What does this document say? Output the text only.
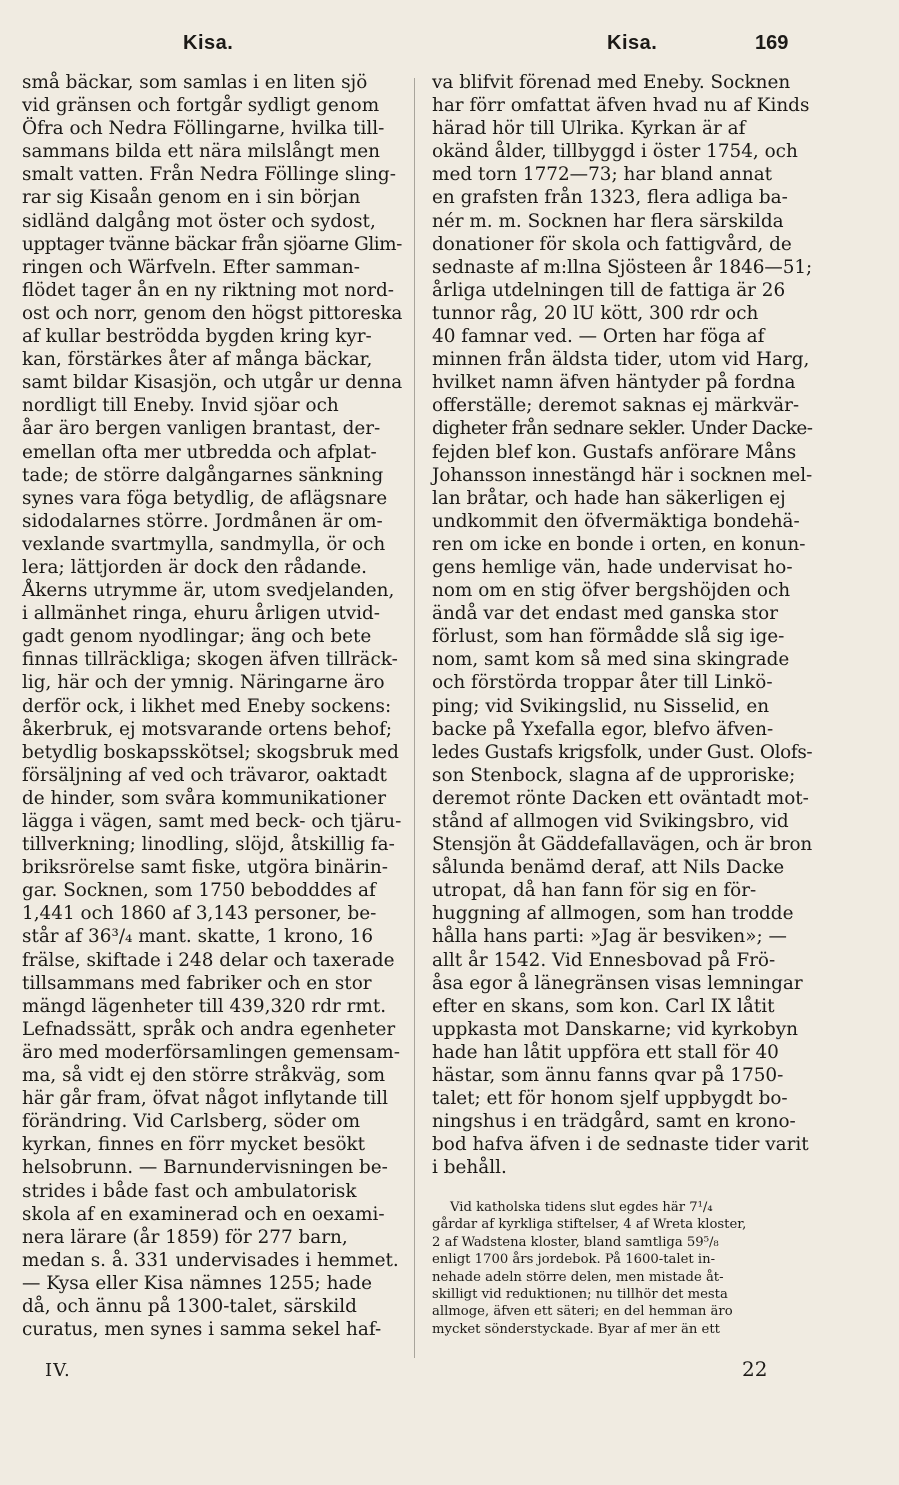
Kisa.	Kisa.	169
små bäckar, som samlas i en liten sjö
vid gränsen och fortgår sydligt genom
Öfra och Nedra Föllingarne, hvilka till-
sammans bilda ett nära milslångt men
smalt vatten. Från Nedra Föllinge sling-
rar sig Kisaån genom en i sin början
sidländ dalgång mot öster och sydost,
upptager tvänne bäckar från sjöarne Glim-
ringen och Wärfveln. Efter samman-
flödet tager ån en ny riktning mot nord-
ost och norr, genom den högst pittoreska
af kullar beströdda bygden kring kyr-
kan, förstärkes åter af många bäckar,
samt bildar Kisasjön, och utgår ur denna
nordligt till Eneby. Invid sjöar och
åar äro bergen vanligen brantast, der-
emellan ofta mer utbredda och afplat-
tade; de större dalgångarnes sänkning
synes vara föga betydlig, de aflägsnare
sidodalarnes större. Jordmånen är om-
vexlande svartmylla, sandmylla, ör och
lera; lättjorden är dock den rådande.
Åkerns utrymme är, utom svedjelanden,
i allmänhet ringa, ehuru årligen utvid-
gadt genom nyodlingar; äng och bete
finnas tillräckliga; skogen äfven tillräck-
lig, här och der ymnig. Näringarne äro
derför ock, i likhet med Eneby sockens:
åkerbruk, ej motsvarande ortens behof;
betydlig boskapsskötsel; skogsbruk med
försäljning af ved och trävaror, oaktadt
de hinder, som svåra kommunikationer
lägga i vägen, samt med beck- och tjäru-
tillverkning; linodling, slöjd, åtskillig fa-
briksrörelse samt fiske, utgöra binärin-
gar. Socknen, som 1750 bebodddes af
1,441 och 1860 af 3,143 personer, be-
står af 36³/₄ mant. skatte, 1 krono, 16
frälse, skiftade i 248 delar och taxerade
tillsammans med fabriker och en stor
mängd lägenheter till 439,320 rdr rmt.
Lefnadssätt, språk och andra egenheter
äro med moderförsamlingen gemensam-
ma, så vidt ej den större stråkväg, som
här går fram, öfvat något inflytande till
förändring. Vid Carlsberg, söder om
kyrkan, finnes en förr mycket besökt
helsobrunn. — Barnundervisningen be-
strides i både fast och ambulatorisk
skola af en examinerad och en oexami-
nera lärare (år 1859) för 277 barn,
medan s. å. 331 undervisades i hemmet.
— Kysa eller Kisa nämnes 1255; hade
då, och ännu på 1300-talet, särskild
curatus, men synes i samma sekel haf-
va blifvit förenad med Eneby. Socknen
har förr omfattat äfven hvad nu af Kinds
härad hör till Ulrika. Kyrkan är af
okänd ålder, tillbyggd i öster 1754, och
med torn 1772—73; har bland annat
en grafsten från 1323, flera adliga ba-
nér m. m. Socknen har flera särskilda
donationer för skola och fattigvård, de
sednaste af m:llna Sjösteen år 1846—51;
årliga utdelningen till de fattiga är 26
tunnor råg, 20 lU kött, 300 rdr och
40 famnar ved. — Orten har föga af
minnen från äldsta tider, utom vid Harg,
hvilket namn äfven häntyder på fordna
offerställe; deremot saknas ej märkvär-
digheter från sednare sekler. Under Dacke-
fejden blef kon. Gustafs anförare Måns
Johansson innestängd här i socknen mel-
lan bråtar, och hade han säkerligen ej
undkommit den öfvermäktiga bondehä-
ren om icke en bonde i orten, en konun-
gens hemlige vän, hade undervisat ho-
nom om en stig öfver bergshöjden och
ändå var det endast med ganska stor
förlust, som han förmådde slå sig ige-
nom, samt kom så med sina skingrade
och förstörda troppar åter till Linkö-
ping; vid Svikingslid, nu Sisselid, en
backe på Yxefalla egor, blefvo äfven-
ledes Gustafs krigsfolk, under Gust. Olofs-
son Stenbock, slagna af de upproriske;
deremot rönte Dacken ett oväntadt mot-
stånd af allmogen vid Svikingsbro, vid
Stensjön åt Gäddefallavägen, och är bron
sålunda benämd deraf, att Nils Dacke
utropat, då han fann för sig en för-
huggning af allmogen, som han trodde
hålla hans parti: »Jag är besviken»; —
allt år 1542. Vid Ennesbovad på Frö-
åsa egor å länegränsen visas lemningar
efter en skans, som kon. Carl IX låtit
uppkasta mot Danskarne; vid kyrkobyn
hade han låtit uppföra ett stall för 40
hästar, som ännu fanns qvar på 1750-
talet; ett för honom sjelf uppbygdt bo-
ningshus i en trädgård, samt en krono-
bod hafva äfven i de sednaste tider varit
i behåll.
Vid katholska tidens slut egdes här 7¹/₄
gårdar af kyrkliga stiftelser, 4 af Wreta kloster,
2 af Wadstena kloster, bland samtliga 59⁵/₈
enligt 1700 års jordebok. På 1600-talet in-
nehade adeln större delen, men mistade åt-
skilligt vid reduktionen; nu tillhör det mesta
allmoge, äfven ett säteri; en del hemman äro
mycket sönderstyckade. Byar af mer än ett
IV.	22
